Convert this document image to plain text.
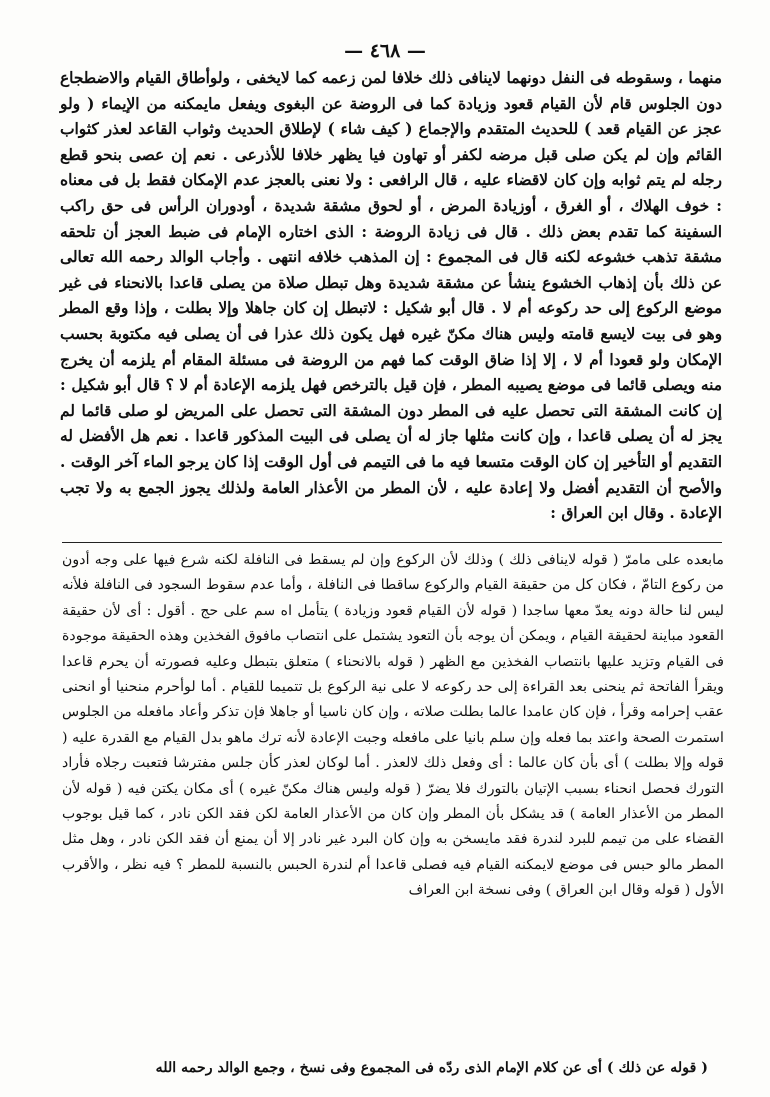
— ٤٦٨ —

منهما ، وسقوطه فى النفل دونهما لاينافى ذلك خلافا لمن زعمه كما لايخفى ، ولوأطاق القيام والاضطجاع دون الجلوس قام لأن القيام قعود وزيادة كما فى الروضة عن البغوى ويفعل مايمكنه من الإيماء ( ولو عجز عن القيام قعد ) للحديث المتقدم والإجماع ( كيف شاء ) لإطلاق الحديث وثواب القاعد لعذر كثواب القائم وإن لم يكن صلى قبل مرضه لكفر أو تهاون فيا يظهر خلافا للأذرعى . نعم إن عصى بنحو قطع رجله لم يتم ثوابه وإن كان لاقضاء عليه ، قال الرافعى : ولا نعنى بالعجز عدم الإمكان فقط بل فى معناه : خوف الهلاك ، أو الغرق ، أوزيادة المرض ، أو لحوق مشقة شديدة ، أودوران الرأس فى حق راكب السفينة كما تقدم بعض ذلك . قال فى زيادة الروضة : الذى اختاره الإمام فى ضبط العجز أن تلحقه مشقة تذهب خشوعه لكنه قال فى المجموع : إن المذهب خلافه انتهى . وأجاب الوالد رحمه الله تعالى عن ذلك بأن إذهاب الخشوع ينشأ عن مشقة شديدة وهل تبطل صلاة من يصلى قاعدا بالانحناء فى غير موضع الركوع إلى حد ركوعه أم لا . قال أبو شكيل : لاتبطل إن كان جاهلا وإلا بطلت ، وإذا وقع المطر وهو فى بيت لايسع قامته وليس هناك مكنّ غيره فهل يكون ذلك عذرا فى أن يصلى فيه مكتوبة بحسب الإمكان ولو قعودا أم لا ، إلا إذا ضاق الوقت كما فهم من الروضة فى مسئلة المقام أم يلزمه أن يخرج منه ويصلى قائما فى موضع يصيبه المطر ، فإن قيل بالترخص فهل يلزمه الإعادة أم لا ؟ قال أبو شكيل : إن كانت المشقة التى تحصل عليه فى المطر دون المشقة التى تحصل على المريض لو صلى قائما لم يجز له أن يصلى قاعدا ، وإن كانت مثلها جاز له أن يصلى فى البيت المذكور قاعدا . نعم هل الأفضل له التقديم أو التأخير إن كان الوقت متسعا فيه ما فى التيمم فى أول الوقت إذا كان يرجو الماء آخر الوقت . والأصح أن التقديم أفضل ولا إعادة عليه ، لأن المطر من الأعذار العامة ولذلك يجوز الجمع به ولا تجب الإعادة . وقال ابن العراق :

مابعده على مامرّ ( قوله لاينافى ذلك ) وذلك لأن الركوع وإن لم يسقط فى النافلة لكنه شرع فيها على وجه أدون من ركوع التامّ ، فكان كل من حقيقة القيام والركوع ساقطا فى النافلة ، وأما عدم سقوط السجود فى النافلة فلأنه ليس لنا حالة دونه يعدّ معها ساجدا ( قوله لأن القيام قعود وزيادة ) يتأمل اه سم على حج . أقول : أى لأن حقيقة القعود مباينة لحقيقة القيام ، ويمكن أن يوجه بأن التعود يشتمل على انتصاب مافوق الفخذين وهذه الحقيقة موجودة فى القيام وتزيد عليها بانتصاب الفخذين مع الظهر ( قوله بالانحناء ) متعلق بتبطل وعليه فصورته أن يحرم قاعدا ويقرأ الفاتحة ثم ينحنى بعد القراءة إلى حد ركوعه لا على نية الركوع بل تتميما للقيام . أما لوأحرم منحنيا أو انحنى عقب إحرامه وقرأ ، فإن كان عامدا عالما بطلت صلاته ، وإن كان ناسيا أو جاهلا فإن تذكر وأعاد مافعله من الجلوس استمرت الصحة واعتد بما فعله وإن سلم بانيا على مافعله وجبت الإعادة لأنه ترك ماهو بدل القيام مع القدرة عليه ( قوله وإلا بطلت ) أى بأن كان عالما : أى وفعل ذلك لالعذر . أما لوكان لعذر كأن جلس مفترشا فتعبت رجلاه فأراد التورك فحصل انحناء بسبب الإتيان بالتورك فلا يضرّ ( قوله وليس هناك مكنّ غيره ) أى مكان يكتن فيه ( قوله لأن المطر من الأعذار العامة ) قد يشكل بأن المطر وإن كان من الأعذار العامة لكن فقد الكن نادر ، كما قيل بوجوب القضاء على من تيمم للبرد لندرة فقد مايسخن به وإن كان البرد غير نادر إلا أن يمنع أن فقد الكن نادر ، وهل مثل المطر مالو حبس فى موضع لايمكنه القيام فيه فصلى قاعدا أم لندرة الحبس بالنسبة للمطر ؟ فيه نظر ، والأقرب الأول ( قوله وقال ابن العراق ) وفى نسخة ابن العراف

( قوله عن ذلك ) أى عن كلام الإمام الذى ردّه فى المجموع وفى نسخ ، وجمع الوالد رحمه الله
